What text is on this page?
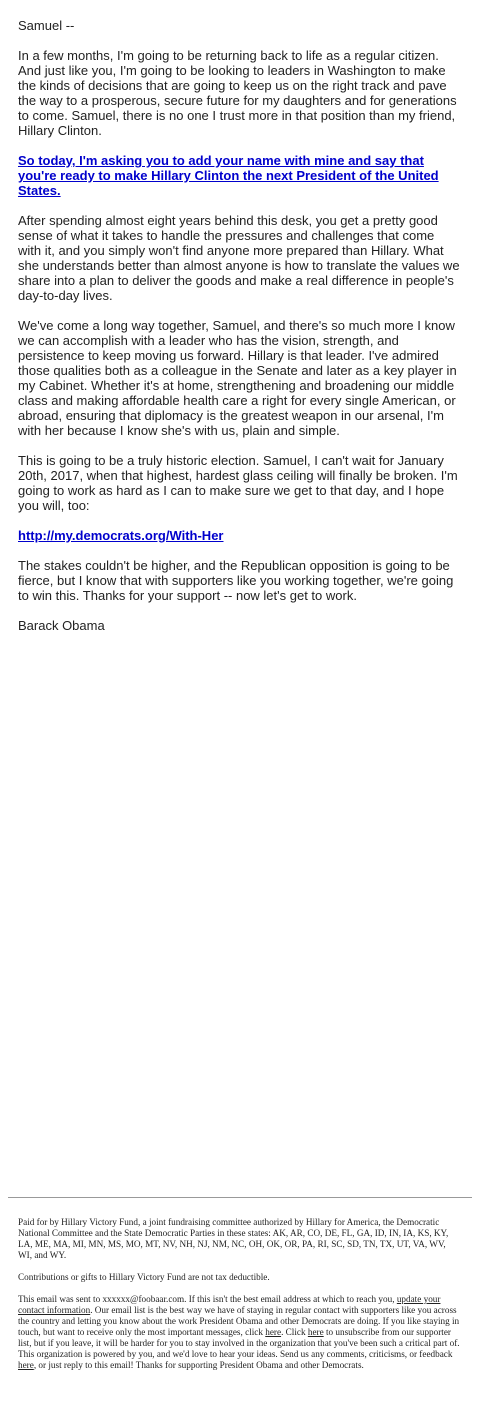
Samuel --

In a few months, I'm going to be returning back to life as a regular citizen. And just like you, I'm going to be looking to leaders in Washington to make the kinds of decisions that are going to keep us on the right track and pave the way to a prosperous, secure future for my daughters and for generations to come. Samuel, there is no one I trust more in that position than my friend, Hillary Clinton.

So today, I'm asking you to add your name with mine and say that you're ready to make Hillary Clinton the next President of the United States.

After spending almost eight years behind this desk, you get a pretty good sense of what it takes to handle the pressures and challenges that come with it, and you simply won't find anyone more prepared than Hillary. What she understands better than almost anyone is how to translate the values we share into a plan to deliver the goods and make a real difference in people's day-to-day lives.

We've come a long way together, Samuel, and there's so much more I know we can accomplish with a leader who has the vision, strength, and persistence to keep moving us forward. Hillary is that leader. I've admired those qualities both as a colleague in the Senate and later as a key player in my Cabinet. Whether it's at home, strengthening and broadening our middle class and making affordable health care a right for every single American, or abroad, ensuring that diplomacy is the greatest weapon in our arsenal, I'm with her because I know she's with us, plain and simple.

This is going to be a truly historic election. Samuel, I can't wait for January 20th, 2017, when that highest, hardest glass ceiling will finally be broken. I'm going to work as hard as I can to make sure we get to that day, and I hope you will, too:

http://my.democrats.org/With-Her

The stakes couldn't be higher, and the Republican opposition is going to be fierce, but I know that with supporters like you working together, we're going to win this. Thanks for your support -- now let's get to work.

Barack Obama

Paid for by Hillary Victory Fund, a joint fundraising committee authorized by Hillary for America, the Democratic National Committee and the State Democratic Parties in these states: AK, AR, CO, DE, FL, GA, ID, IN, IA, KS, KY, LA, ME, MA, MI, MN, MS, MO, MT, NV, NH, NJ, NM, NC, OH, OK, OR, PA, RI, SC, SD, TN, TX, UT, VA, WV, WI, and WY.

Contributions or gifts to Hillary Victory Fund are not tax deductible.

This email was sent to xxxxxx@foobaar.com. If this isn't the best email address at which to reach you, update your contact information. Our email list is the best way we have of staying in regular contact with supporters like you across the country and letting you know about the work President Obama and other Democrats are doing. If you like staying in touch, but want to receive only the most important messages, click here. Click here to unsubscribe from our supporter list, but if you leave, it will be harder for you to stay involved in the organization that you've been such a critical part of. This organization is powered by you, and we'd love to hear your ideas. Send us any comments, criticisms, or feedback here, or just reply to this email! Thanks for supporting President Obama and other Democrats.
